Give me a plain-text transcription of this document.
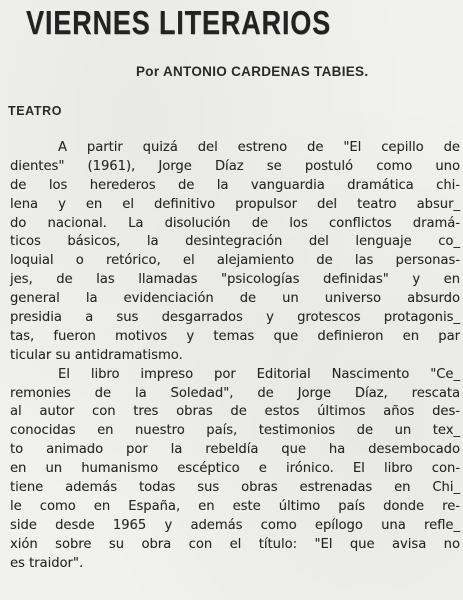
VIERNES LITERARIOS
Por ANTONIO CARDENAS TABIES.
TEATRO
A partir quizá del estreno de "El cepillo de
dientes" (1961), Jorge Díaz se postuló como uno
de los herederos de la vanguardia dramática chi-
lena y en el definitivo propulsor del teatro absur_
do nacional. La disolución de los conflictos dramá-
ticos básicos, la desintegración del lenguaje co_
loquial o retórico, el alejamiento de las personas-
jes, de las llamadas "psicologías definidas" y en
general la evidenciación de un universo absurdo
presidia a sus desgarrados y grotescos protagonis_
tas, fueron motivos y temas que definieron en par
ticular su antidramatismo.
El libro impreso por Editorial Nascimento "Ce_
remonies de la Soledad", de Jorge Díaz, rescata
al autor con tres obras de estos últimos años des-
conocidas en nuestro país, testimonios de un tex_
to animado por la rebeldía que ha desembocado
en un humanismo escéptico e irónico. El libro con-
tiene además todas sus obras estrenadas en Chi_
le como en España, en este último país donde re-
side desde 1965 y además como epílogo una refle_
xión sobre su obra con el título: "El que avisa no
es traidor".
